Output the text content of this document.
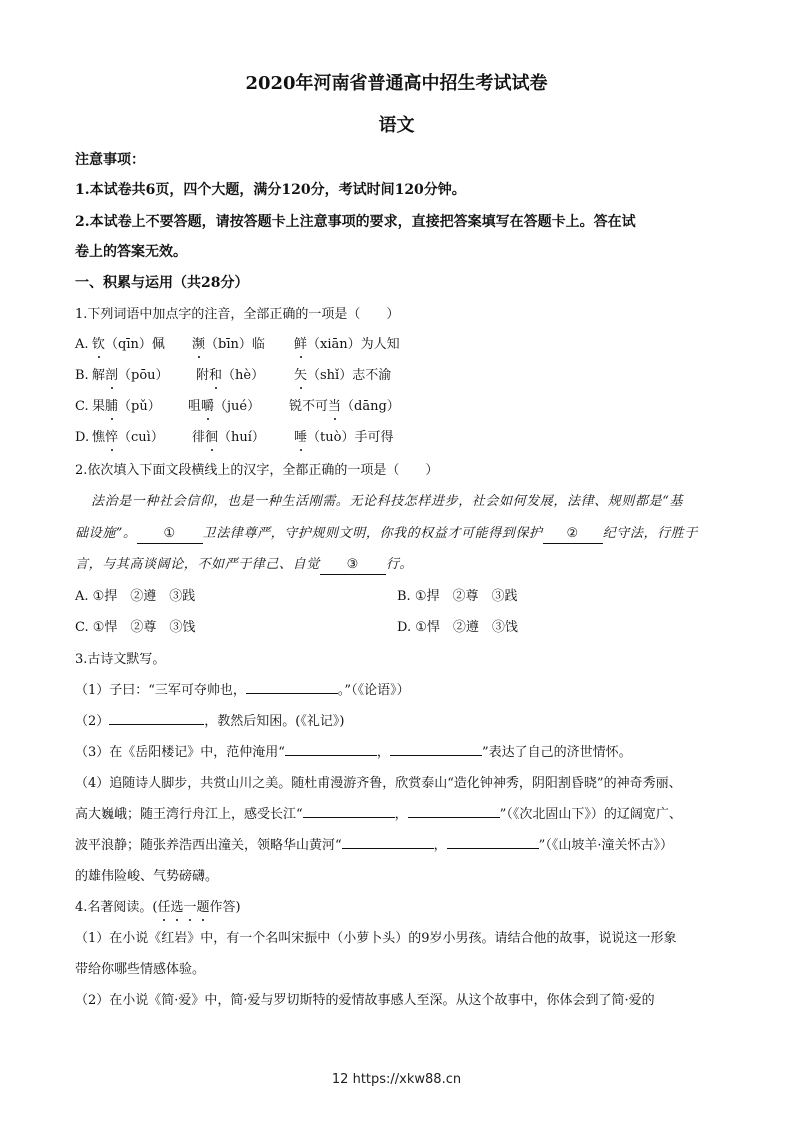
2020年河南省普通高中招生考试试卷
语文
注意事项：
1.本试卷共6页，四个大题，满分120分，考试时间120分钟。
2.本试卷上不要答题，请按答题卡上注意事项的要求，直接把答案填写在答题卡上。答在试
卷上的答案无效。
一、积累与运用（共28分）
1.下列词语中加点字的注音，全部正确的一项是（　　）
A. 钦（qīn）佩 濒（bīn）临 鲜（xiān）为人知
B. 解剖（pōu） 附和（hè） 矢（shǐ）志不渝
C. 果脯（pǔ） 咀嚼（jué） 锐不可当（dāng）
D. 憔悴（cuì） 徘徊（huí） 唾（tuò）手可得
2.依次填入下面文段横线上的汉字，全都正确的一项是（　　）
法治是一种社会信仰，也是一种生活刚需。无论科技怎样进步，社会如何发展，法律、规则都是“基
础设施”。 ① 卫法律尊严，守护规则文明，你我的权益才可能得到保护 ② 纪守法，行胜于
言，与其高谈阔论，不如严于律己、自觉 ③ 行。
A. ①捍　②遵　③践	B. ①捍　②尊　③践
C. ①悍　②尊　③饯	D. ①悍　②遵　③饯
3.古诗文默写。
（1）子曰：“三军可夺帅也，	。”（《论语》）
（2）	，教然后知困。(《礼记》)
（3）在《岳阳楼记》中，范仲淹用“	，	”表达了自己的济世情怀。
（4）追随诗人脚步，共赏山川之美。随杜甫漫游齐鲁，欣赏泰山“造化钟神秀，阴阳割昏晓”的神奇秀丽、
高大巍峨；随王湾行舟江上，感受长江“	，	”（《次北固山下》）的辽阔宽广、
波平浪静；随张养浩西出潼关，领略华山黄河“	，	”（《山坡羊·潼关怀古》）
的雄伟险峻、气势磅礴。
4.名著阅读。(任选一题作答)
（1）在小说《红岩》中，有一个名叫宋振中（小萝卜头）的9岁小男孩。请结合他的故事，说说这一形象
带给你哪些情感体验。
（2）在小说《简·爱》中，简·爱与罗切斯特的爱情故事感人至深。从这个故事中，你体会到了简·爱的
12 https://xkw88.cn
